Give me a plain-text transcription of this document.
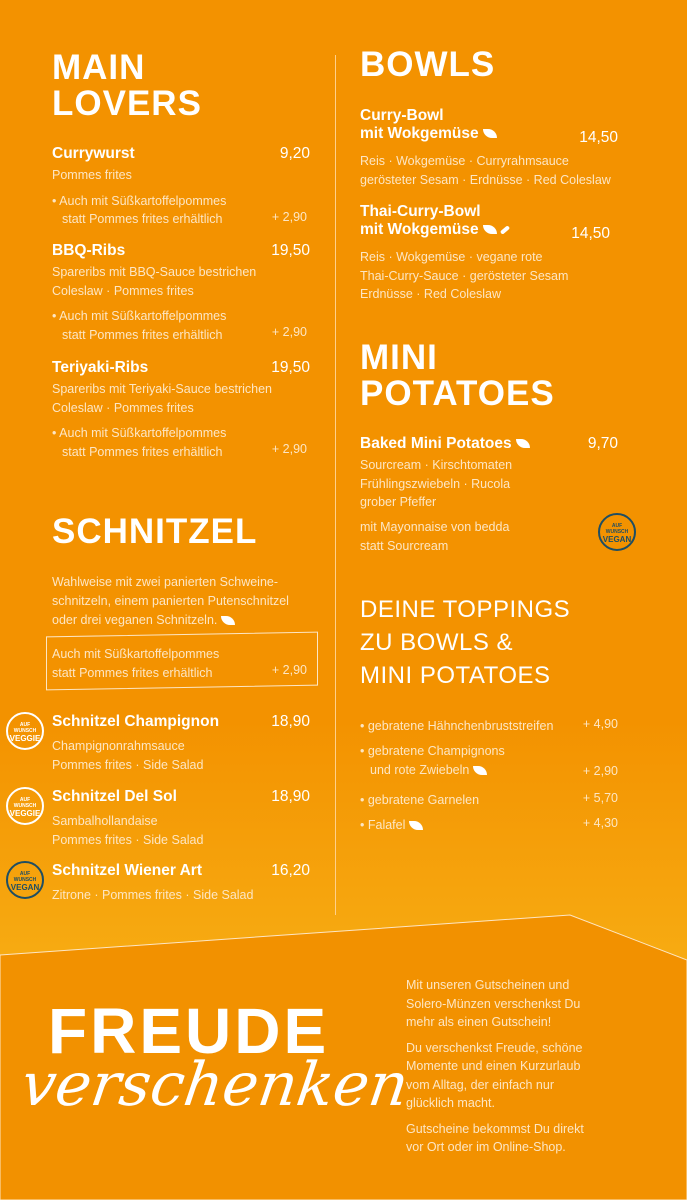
MAIN
LOVERS
Currywurst	9,20
Pommes frites
• Auch mit Süßkartoffelpommes
statt Pommes frites erhältlich	+ 2,90
BBQ-Ribs	19,50
Spareribs mit BBQ-Sauce bestrichen
Coleslaw · Pommes frites
• Auch mit Süßkartoffelpommes
statt Pommes frites erhältlich	+ 2,90
Teriyaki-Ribs	19,50
Spareribs mit Teriyaki-Sauce bestrichen
Coleslaw · Pommes frites
• Auch mit Süßkartoffelpommes
statt Pommes frites erhältlich	+ 2,90
SCHNITZEL
Wahlweise mit zwei panierten Schweine-
schnitzeln, einem panierten Putenschnitzel
oder drei veganen Schnitzeln.
Auch mit Süßkartoffelpommes
statt Pommes frites erhältlich	+ 2,90
AUF
WUNSCH
VEGGIE
Schnitzel Champignon	18,90
Champignonrahmsauce
Pommes frites · Side Salad
AUF
WUNSCH
VEGGIE
Schnitzel Del Sol	18,90
Sambalhollandaise
Pommes frites · Side Salad
AUF
WUNSCH
VEGAN
Schnitzel Wiener Art	16,20
Zitrone · Pommes frites · Side Salad
BOWLS
Curry-Bowl
mit Wokgemüse	14,50
Reis · Wokgemüse · Curryrahmsauce
gerösteter Sesam · Erdnüsse · Red Coleslaw
Thai-Curry-Bowl
mit Wokgemüse	14,50
Reis · Wokgemüse · vegane rote
Thai-Curry-Sauce · gerösteter Sesam
Erdnüsse · Red Coleslaw
MINI
POTATOES
Baked Mini Potatoes	9,70
Sourcream · Kirschtomaten
Frühlingszwiebeln · Rucola
grober Pfeffer
mit Mayonnaise von bedda
statt Sourcream
AUF
WUNSCH
VEGAN
DEINE TOPPINGS
ZU BOWLS &
MINI POTATOES
• gebratene Hähnchenbruststreifen	+ 4,90
• gebratene Champignons
und rote Zwiebeln	+ 2,90
• gebratene Garnelen	+ 5,70
• Falafel	+ 4,30
FREUDE
verschenken
Mit unseren Gutscheinen und
Solero-Münzen verschenkst Du
mehr als einen Gutschein!
Du verschenkst Freude, schöne
Momente und einen Kurzurlaub
vom Alltag, der einfach nur
glücklich macht.
Gutscheine bekommst Du direkt
vor Ort oder im Online-Shop.
